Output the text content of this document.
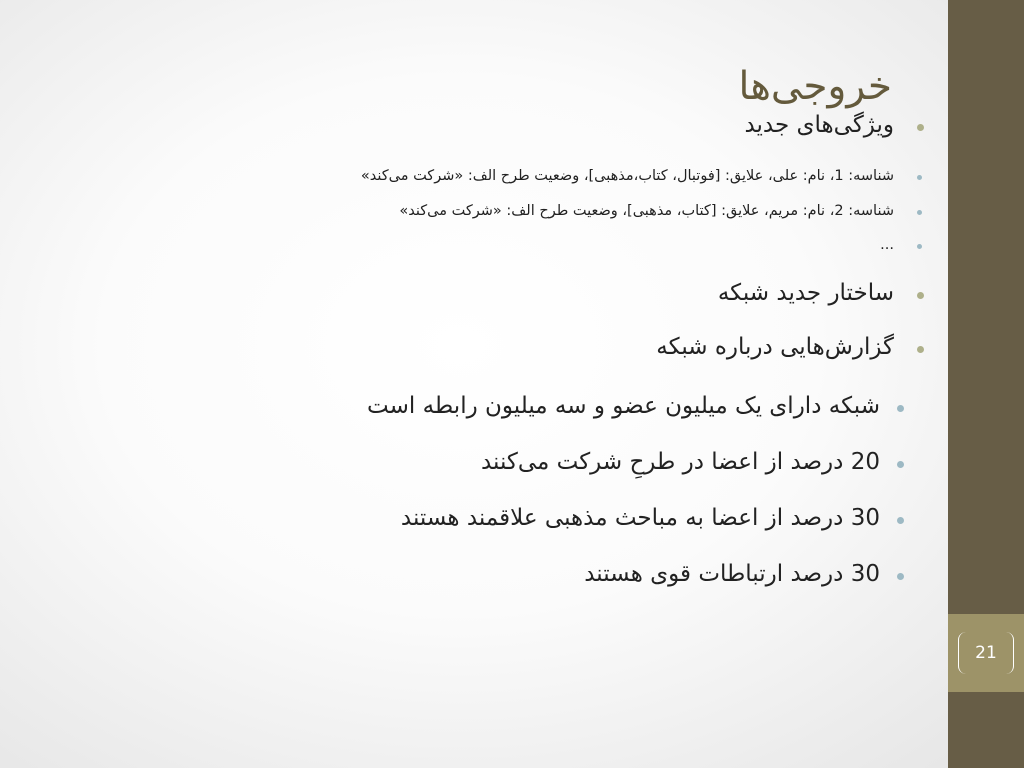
21
خروجی‌ها
ویژگی‌های جدید
شناسه: 1، نام: علی، علایق: [فوتبال، کتاب،مذهبی]، وضعیت طرح الف: «شرکت می‌کند»
شناسه: 2، نام: مریم، علایق: [کتاب، مذهبی]، وضعیت طرح الف: «شرکت می‌کند»
...
ساختار جدید شبکه
گزارش‌هایی درباره شبکه
شبکه دارای یک میلیون عضو و سه میلیون رابطه است
20 درصد از اعضا در طرحِ شرکت می‌کنند
30 درصد از اعضا به مباحث مذهبی علاقمند هستند
30 درصد ارتباطات قوی هستند
